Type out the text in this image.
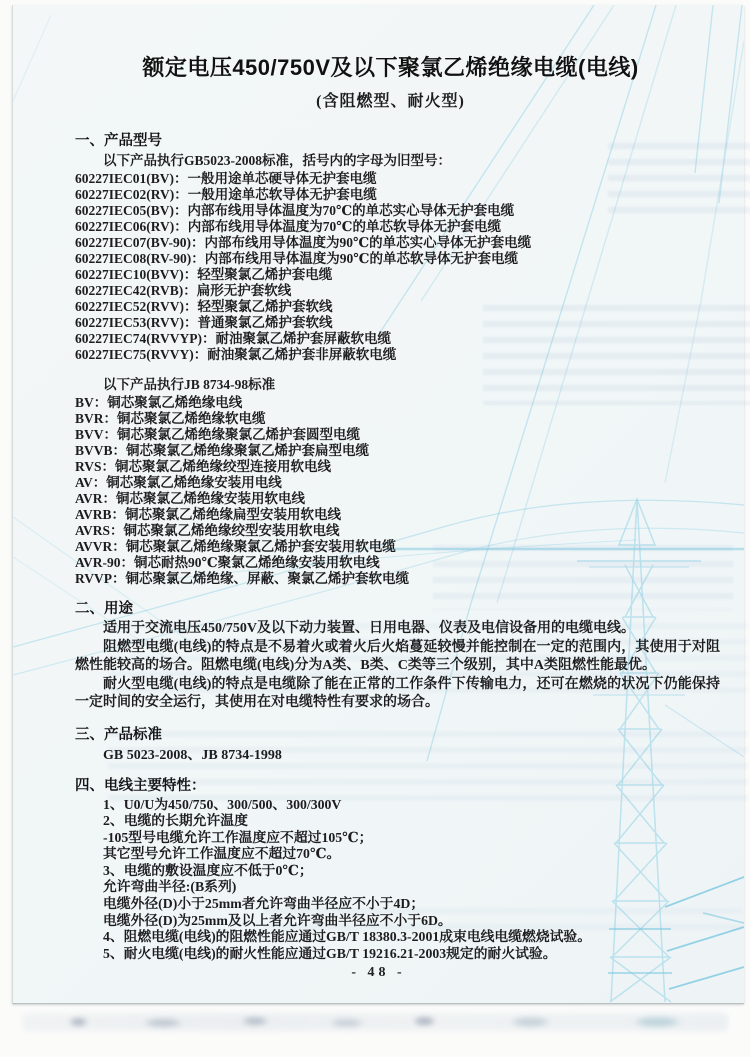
额定电压450/750V及以下聚氯乙烯绝缘电缆(电线)
(含阻燃型、耐火型)
一、产品型号
以下产品执行GB5023-2008标准，括号内的字母为旧型号：
60227IEC01(BV)：一般用途单芯硬导体无护套电缆
60227IEC02(RV)：一般用途单芯软导体无护套电缆
60227IEC05(BV)：内部布线用导体温度为70℃的单芯实心导体无护套电缆
60227IEC06(RV)：内部布线用导体温度为70℃的单芯软导体无护套电缆
60227IEC07(BV-90)：内部布线用导体温度为90℃的单芯实心导体无护套电缆
60227IEC08(RV-90)：内部布线用导体温度为90℃的单芯软导体无护套电缆
60227IEC10(BVV)：轻型聚氯乙烯护套电缆
60227IEC42(RVB)：扁形无护套软线
60227IEC52(RVV)：轻型聚氯乙烯护套软线
60227IEC53(RVV)：普通聚氯乙烯护套软线
60227IEC74(RVVYP)：耐油聚氯乙烯护套屏蔽软电缆
60227IEC75(RVVY)：耐油聚氯乙烯护套非屏蔽软电缆
以下产品执行JB 8734-98标准
BV：铜芯聚氯乙烯绝缘电线
BVR：铜芯聚氯乙烯绝缘软电缆
BVV：铜芯聚氯乙烯绝缘聚氯乙烯护套圆型电缆
BVVB：铜芯聚氯乙烯绝缘聚氯乙烯护套扁型电缆
RVS：铜芯聚氯乙烯绝缘绞型连接用软电线
AV：铜芯聚氯乙烯绝缘安装用电线
AVR：铜芯聚氯乙烯绝缘安装用软电线
AVRB：铜芯聚氯乙烯绝缘扁型安装用软电线
AVRS：铜芯聚氯乙烯绝缘绞型安装用软电线
AVVR：铜芯聚氯乙烯绝缘聚氯乙烯护套安装用软电缆
AVR-90：铜芯耐热90℃聚氯乙烯绝缘安装用软电线
RVVP：铜芯聚氯乙烯绝缘、屏蔽、聚氯乙烯护套软电缆
二、用途

适用于交流电压450/750V及以下动力装置、日用电器、仪表及电信设备用的电缆电线。

阻燃型电缆(电线)的特点是不易着火或着火后火焰蔓延较慢并能控制在一定的范围内，其使用于对阻燃性能较高的场合。阻燃电缆(电线)分为A类、B类、C类等三个级别，其中A类阻燃性能最优。

耐火型电缆(电线)的特点是电缆除了能在正常的工作条件下传输电力，还可在燃烧的状况下仍能保持一定时间的安全运行，其使用在对电缆特性有要求的场合。

三、产品标准
GB 5023-2008、JB 8734-1998
四、电线主要特性：
1、U0/U为450/750、300/500、300/300V
2、电缆的长期允许温度
-105型号电缆允许工作温度应不超过105℃；
其它型号允许工作温度应不超过70℃。
3、电缆的敷设温度应不低于0℃；
允许弯曲半径:(B系列)
电缆外径(D)小于25mm者允许弯曲半径应不小于4D；
电缆外径(D)为25mm及以上者允许弯曲半径应不小于6D。
4、阻燃电缆(电线)的阻燃性能应通过GB/T 18380.3-2001成束电线电缆燃烧试验。
5、耐火电缆(电线)的耐火性能应通过GB/T 19216.21-2003规定的耐火试验。
- 48 -
